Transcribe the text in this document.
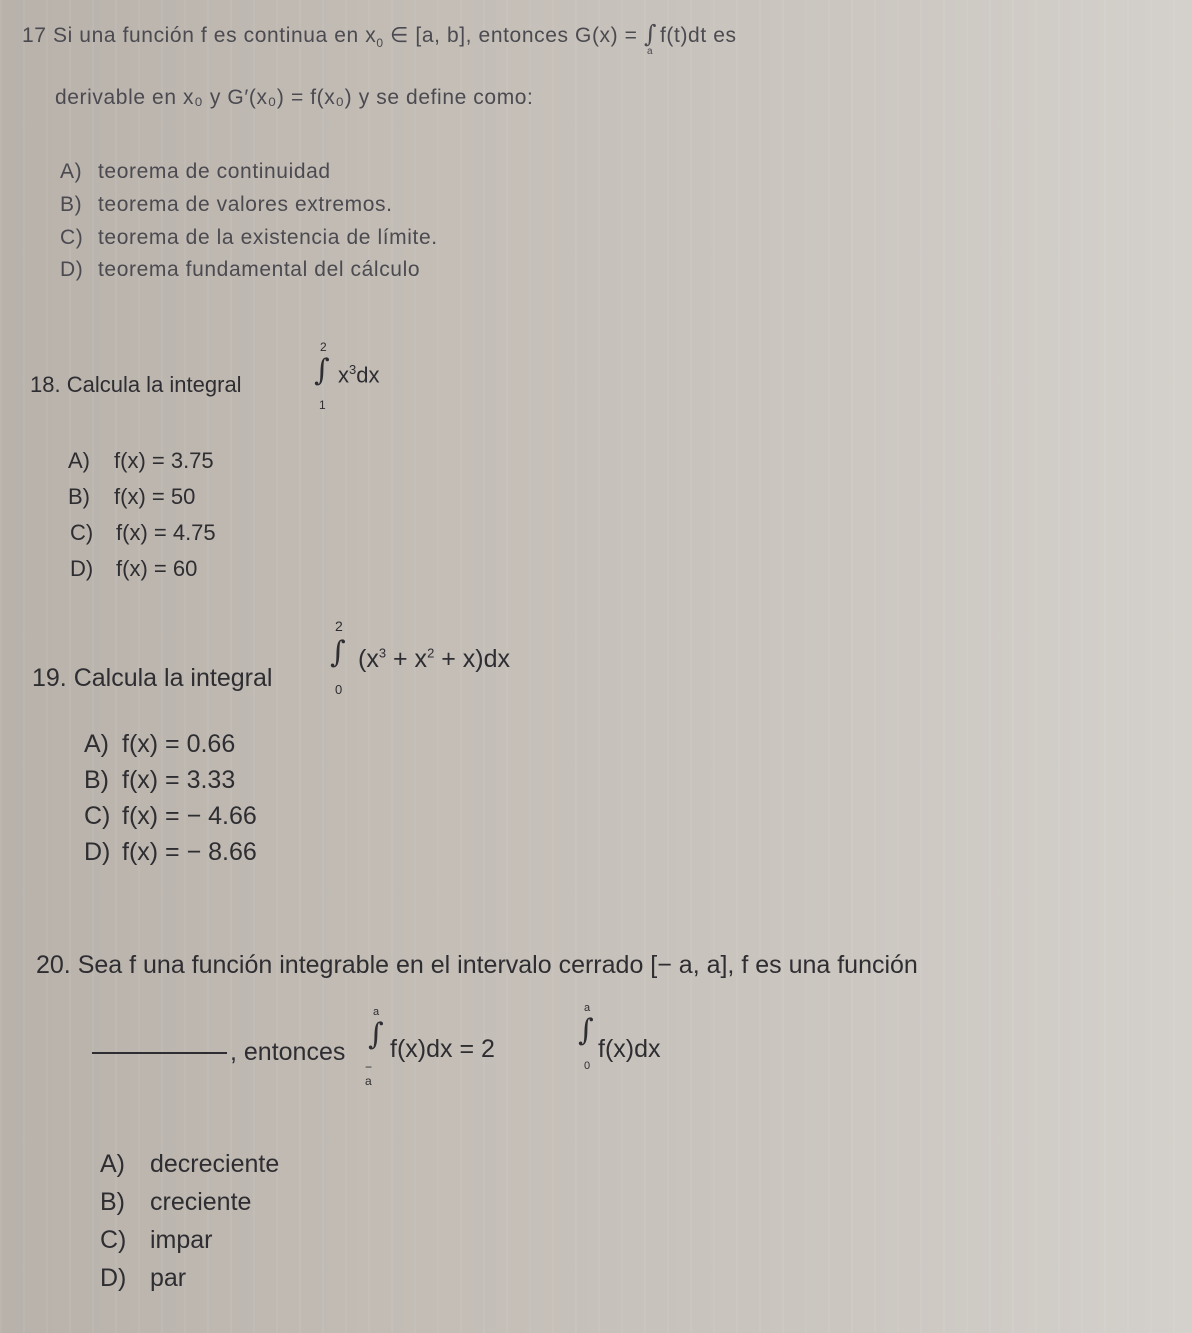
17 Si una función f es continua en $x_0$ ∈ [a, b], entonces G(x) = ∫
a
f(t)dt es
derivable en x₀ y G′(x₀) = f(x₀) y se define como:
A) teorema de continuidad
B) teorema de valores extremos.
C) teorema de la existencia de límite.
D) teorema fundamental del cálculo
18. Calcula la integral
2
∫
1
$x^3dx$
A) f(x) = 3.75
B) f(x) = 50
C) f(x) = 4.75
D) f(x) = 60
19. Calcula la integral
2
∫
0
$(x^3 + x^2 + x)dx$
A) f(x) = 0.66
B) f(x) = 3.33
C) f(x) = − 4.66
D) f(x) = − 8.66
20. Sea f una función integrable en el intervalo cerrado [− a, a], f es una función
, entonces
a
∫
− a
f(x)dx = 2
a
∫
0
f(x)dx
A) decreciente
B) creciente
C) impar
D) par
